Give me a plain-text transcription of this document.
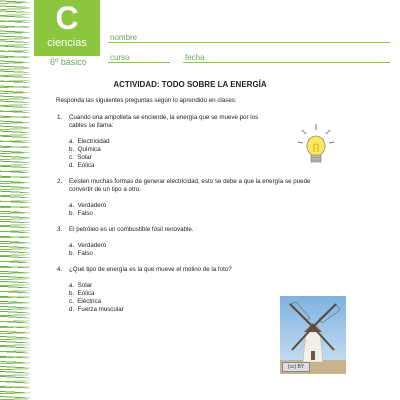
C
ciencias
6º básico
nombre
curso	fecha
ACTIVIDAD: TODO SOBRE LA ENERGÍA
Responda las siguientes preguntas según lo aprendido en clases:
1. Cuando una ampolleta se enciende, la energía que se mueve por los
cables se llama:
a. Electricidad
b. Química
c. Solar
d. Eólica
2. Existen muchas formas de generar electricidad, esto se debe a que la energía se puede
convertir de un tipo a otro.
a. Verdadero
b. Falso
3. El petróleo es un combustible fósil renovable.
a. Verdadero
b. Falso
4. ¿Qué tipo de energía es la que mueve el molino de la foto?
a. Solar
b. Eólica
c. Eléctrica
d. Fuerza muscular
(cc) BY
